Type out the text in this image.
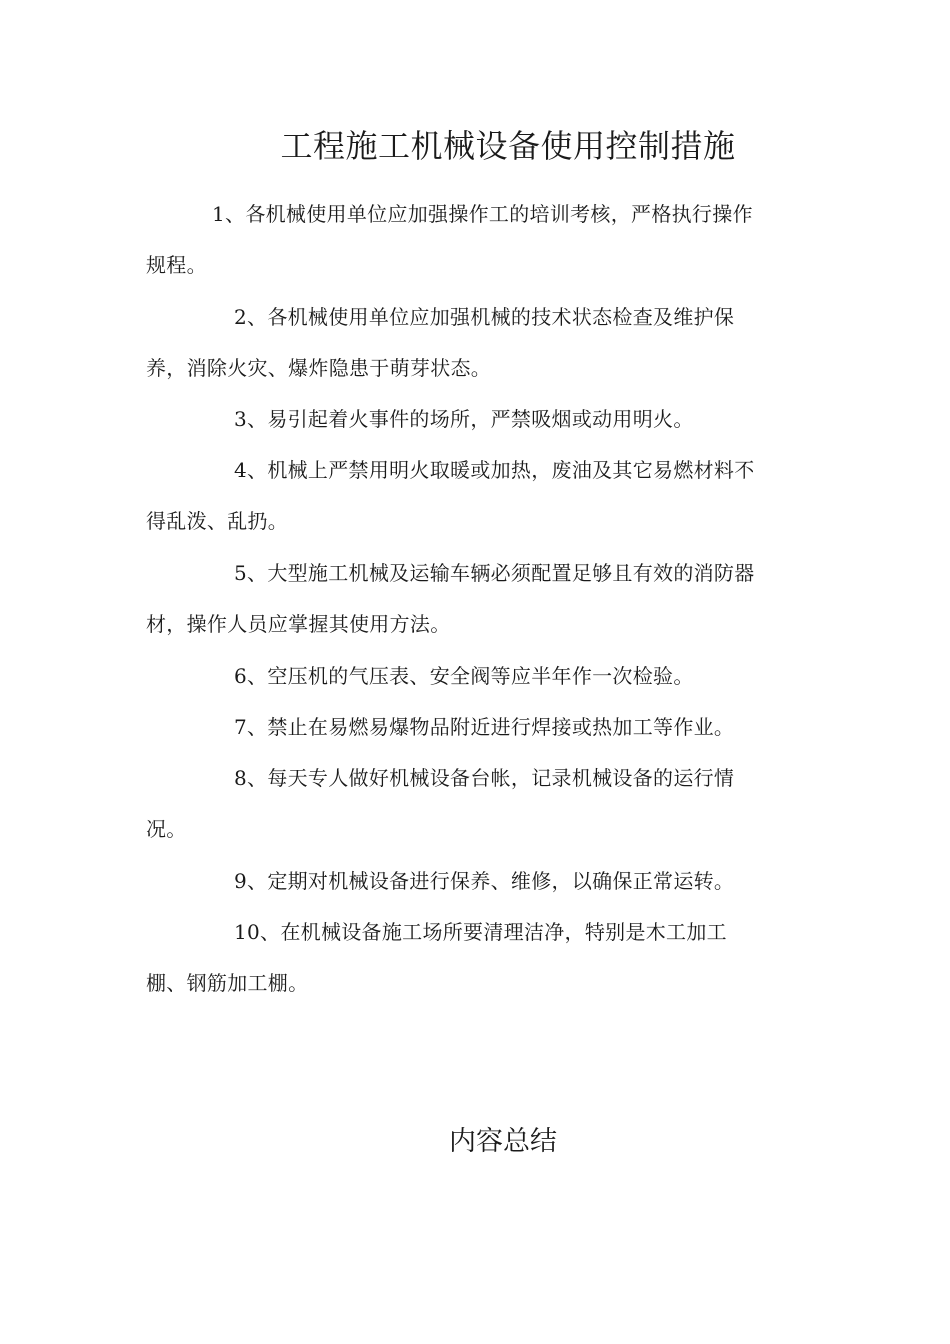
工程施工机械设备使用控制措施
1、各机械使用单位应加强操作工的培训考核，严格执行操作
规程。
2、各机械使用单位应加强机械的技术状态检查及维护保
养，消除火灾、爆炸隐患于萌芽状态。
3、易引起着火事件的场所，严禁吸烟或动用明火。
4、机械上严禁用明火取暖或加热，废油及其它易燃材料不
得乱泼、乱扔。
5、大型施工机械及运输车辆必须配置足够且有效的消防器
材，操作人员应掌握其使用方法。
6、空压机的气压表、安全阀等应半年作一次检验。
7、禁止在易燃易爆物品附近进行焊接或热加工等作业。
8、每天专人做好机械设备台帐，记录机械设备的运行情
况。
9、定期对机械设备进行保养、维修，以确保正常运转。
10、在机械设备施工场所要清理洁净，特别是木工加工
棚、钢筋加工棚。
内容总结
